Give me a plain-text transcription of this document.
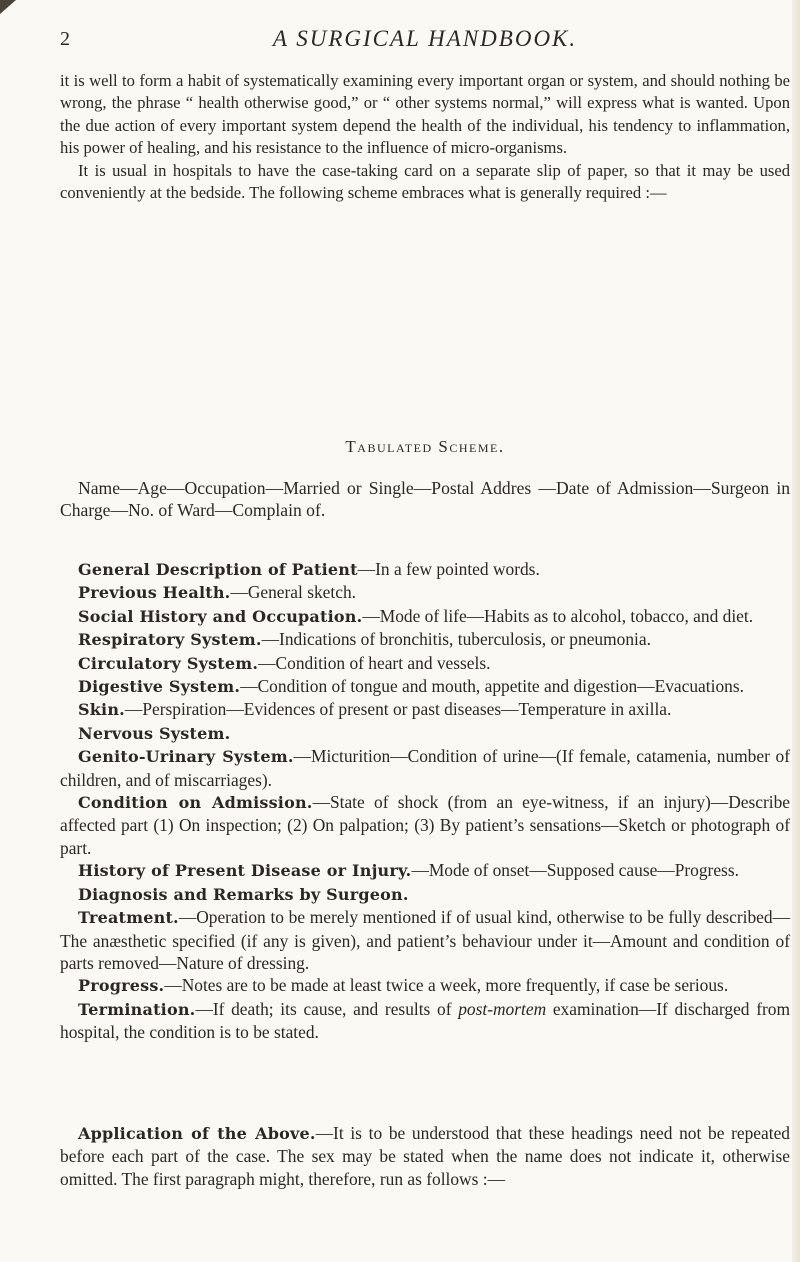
2	A SURGICAL HANDBOOK.

it is well to form a habit of systematically examining every important organ or system, and should nothing be wrong, the phrase “ health otherwise good,” or “ other systems normal,” will express what is wanted. Upon the due action of every important system depend the health of the individual, his tendency to inflammation, his power of healing, and his resistance to the influence of micro-organisms.

It is usual in hospitals to have the case-taking card on a separate slip of paper, so that it may be used conveniently at the bedside. The following scheme embraces what is generally required :—

Tabulated Scheme.

Name—Age—Occupation—Married or Single—Postal Addres —Date of Admission—Surgeon in Charge—No. of Ward—Complain of.

General Description of Patient—In a few pointed words.

Previous Health.—General sketch.

Social History and Occupation.—Mode of life—Habits as to alcohol, tobacco, and diet.

Respiratory System.—Indications of bronchitis, tuberculosis, or pneumonia.

Circulatory System.—Condition of heart and vessels.

Digestive System.—Condition of tongue and mouth, appetite and digestion—Evacuations.

Skin.—Perspiration—Evidences of present or past diseases—Temperature in axilla.

Nervous System.

Genito-Urinary System.—Micturition—Condition of urine—(If female, catamenia, number of children, and of miscarriages).

Condition on Admission.—State of shock (from an eye-witness, if an injury)—Describe affected part (1) On inspection; (2) On palpation; (3) By patient’s sensations—Sketch or photograph of part.

History of Present Disease or Injury.—Mode of onset—Supposed cause—Progress.

Diagnosis and Remarks by Surgeon.

Treatment.—Operation to be merely mentioned if of usual kind, otherwise to be fully described—The anæsthetic specified (if any is given), and patient’s behaviour under it—Amount and condition of parts removed—Nature of dressing.

Progress.—Notes are to be made at least twice a week, more frequently, if case be serious.

Termination.—If death; its cause, and results of post-mortem examination—If discharged from hospital, the condition is to be stated.

Application of the Above.—It is to be understood that these headings need not be repeated before each part of the case. The sex may be stated when the name does not indicate it, otherwise omitted. The first paragraph might, therefore, run as follows :—
